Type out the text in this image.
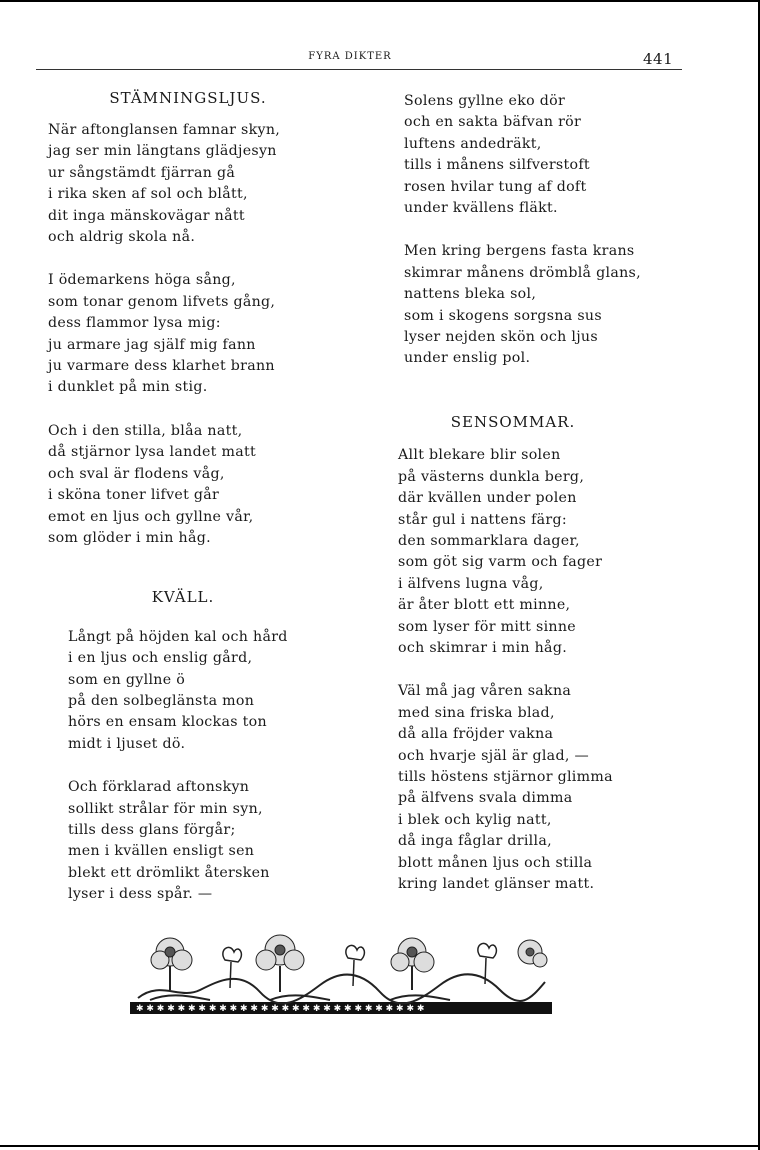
FYRA DIKTER	441
STÄMNINGSLJUS.
När aftonglansen famnar skyn,
jag ser min längtans glädjesyn
ur sångstämdt fjärran gå
i rika sken af sol och blått,
dit inga mänskovägar nått
och aldrig skola nå.
I ödemarkens höga sång,
som tonar genom lifvets gång,
dess flammor lysa mig:
ju armare jag själf mig fann
ju varmare dess klarhet brann
i dunklet på min stig.
Och i den stilla, blåa natt,
då stjärnor lysa landet matt
och sval är flodens våg,
i sköna toner lifvet går
emot en ljus och gyllne vår,
som glöder i min håg.
KVÄLL.
Långt på höjden kal och hård
i en ljus och enslig gård,
som en gyllne ö
på den solbeglänsta mon
hörs en ensam klockas ton
midt i ljuset dö.
Och förklarad aftonskyn
sollikt strålar för min syn,
tills dess glans förgår;
men i kvällen ensligt sen
blekt ett drömlikt återsken
lyser i dess spår. —
Solens gyllne eko dör
och en sakta bäfvan rör
luftens andedräkt,
tills i månens silfverstoft
rosen hvilar tung af doft
under kvällens fläkt.
Men kring bergens fasta krans
skimrar månens drömblå glans,
nattens bleka sol,
som i skogens sorgsna sus
lyser nejden skön och ljus
under enslig pol.
SENSOMMAR.
Allt blekare blir solen
på västerns dunkla berg,
där kvällen under polen
står gul i nattens färg:
den sommarklara dager,
som göt sig varm och fager
i älfvens lugna våg,
är åter blott ett minne,
som lyser för mitt sinne
och skimrar i min håg.
Väl må jag våren sakna
med sina friska blad,
då alla fröjder vakna
och hvarje själ är glad, —
tills höstens stjärnor glimma
på älfvens svala dimma
i blek och kylig natt,
då inga fåglar drilla,
blott månen ljus och stilla
kring landet glänser matt.
✱ ✱ ✱ ✱ ✱ ✱ ✱ ✱ ✱ ✱ ✱ ✱ ✱ ✱ ✱ ✱ ✱ ✱ ✱ ✱ ✱ ✱ ✱ ✱ ✱ ✱ ✱ ✱
